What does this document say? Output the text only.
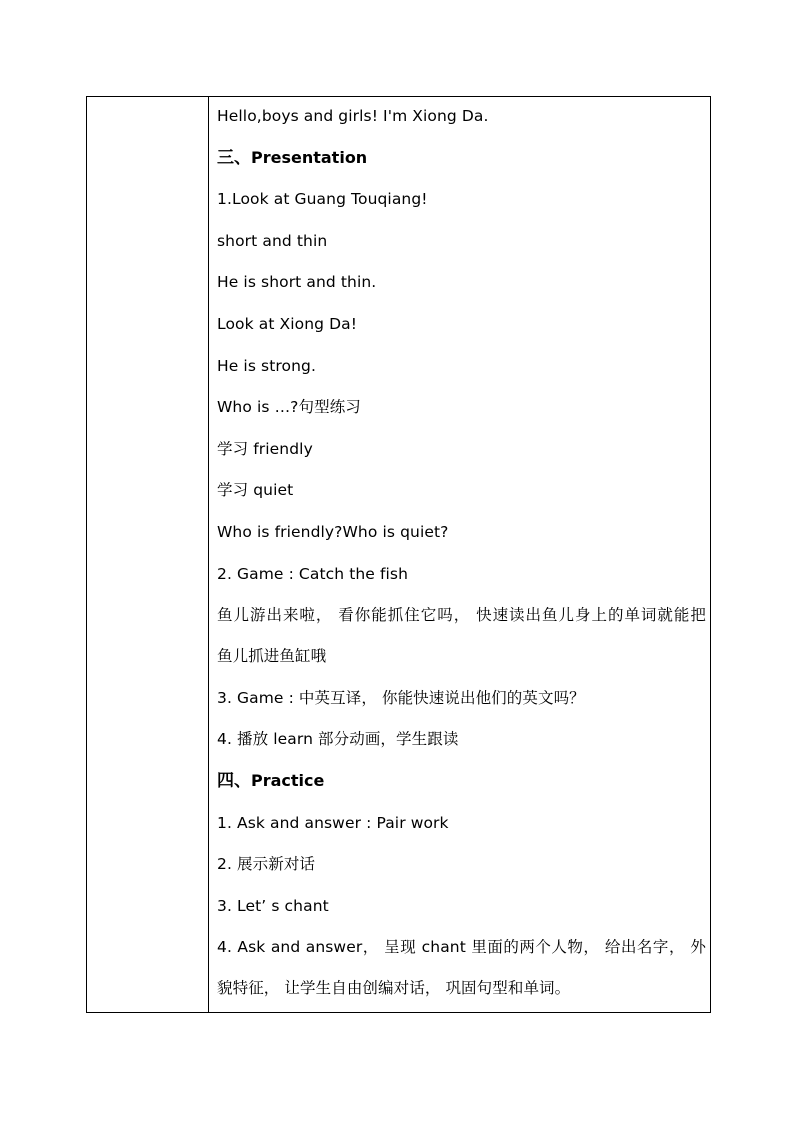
Hello,boys and girls! I'm Xiong Da.
三、Presentation
1.Look at Guang Touqiang!
short and thin
He is short and thin.
Look at Xiong Da!
He is strong.
Who is …?句型练习
学习 friendly
学习 quiet
Who is friendly?Who is quiet?
2. Game : Catch the fish
鱼儿游出来啦， 看你能抓住它吗， 快速读出鱼儿身上的单词就能把
鱼儿抓进鱼缸哦
3. Game : 中英互译， 你能快速说出他们的英文吗？
4. 播放 learn 部分动画，学生跟读
四、Practice
1. Ask and answer : Pair work
2. 展示新对话
3. Let’ s chant
4. Ask and answer， 呈现 chant 里面的两个人物， 给出名字， 外
貌特征， 让学生自由创编对话， 巩固句型和单词。
